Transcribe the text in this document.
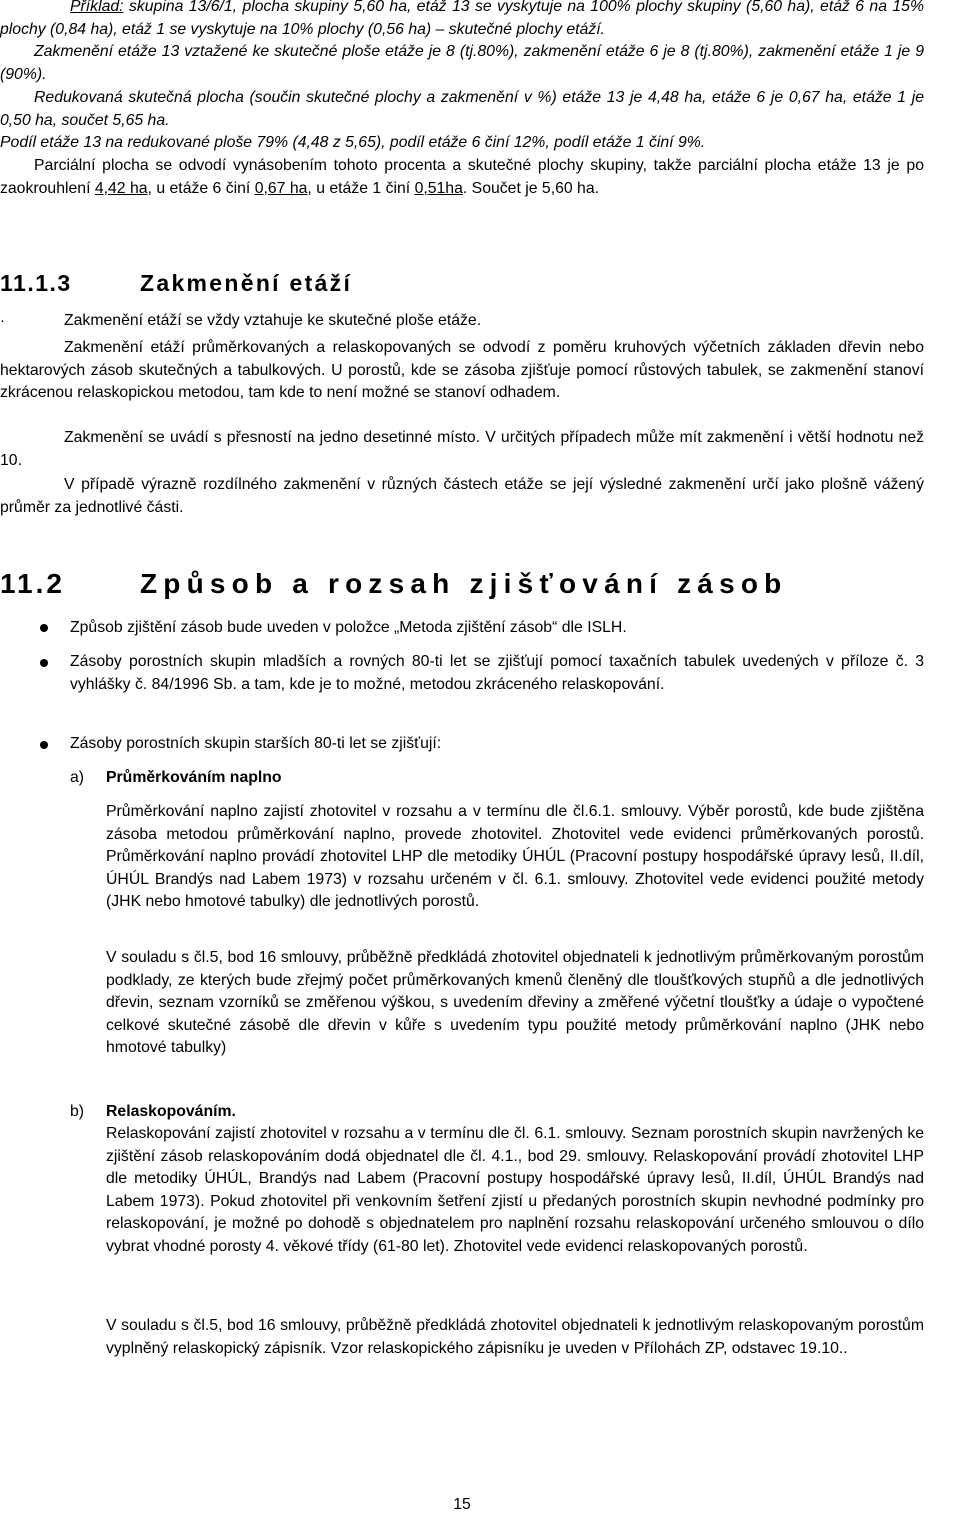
Příklad: skupina 13/6/1, plocha skupiny 5,60 ha, etáž 13 se vyskytuje na 100% plochy skupiny (5,60 ha), etáž 6 na 15% plochy (0,84 ha), etáž 1 se vyskytuje na 10% plochy (0,56 ha) – skutečné plochy etáží.
Zakmenění etáže 13 vztažené ke skutečné ploše etáže je 8 (tj.80%), zakmenění etáže 6 je 8 (tj.80%), zakmenění etáže 1 je 9 (90%).
Redukovaná skutečná plocha (součin skutečné plochy a zakmenění v %) etáže 13 je 4,48 ha, etáže 6 je 0,67 ha, etáže 1 je 0,50 ha, součet 5,65 ha.
Podíl etáže 13 na redukované ploše 79% (4,48 z 5,65), podíl etáže 6 činí 12%, podíl etáže 1 činí 9%.
Parciální plocha se odvodí vynásobením tohoto procenta a skutečné plochy skupiny, takže parciální plocha etáže 13 je po zaokrouhlení 4,42 ha, u etáže 6 činí 0,67 ha, u etáže 1 činí 0,51ha. Součet je 5,60 ha.
11.1.3	Zakmenění etáží
·	Zakmenění etáží se vždy vztahuje ke skutečné ploše etáže.
Zakmenění etáží průměrkovaných a relaskopovaných se odvodí z poměru kruhových výčetních základen dřevin nebo hektarových zásob skutečných a tabulkových. U porostů, kde se zásoba zjišťuje pomocí růstových tabulek, se zakmenění stanoví zkrácenou relaskopickou metodou, tam kde to není možné se stanoví odhadem.
Zakmenění se uvádí s přesností na jedno desetinné místo. V určitých případech může mít zakmenění i větší hodnotu než 10.
V případě výrazně rozdílného zakmenění v různých částech etáže se její výsledné zakmenění určí jako plošně vážený průměr za jednotlivé části.
11.2	Způsob a rozsah zjišťování zásob
Způsob zjištění zásob bude uveden v položce „Metoda zjištění zásob“ dle ISLH.
Zásoby porostních skupin mladších a rovných 80-ti let se zjišťují pomocí taxačních tabulek uvedených v příloze č. 3 vyhlášky č. 84/1996 Sb. a tam, kde je to možné, metodou zkráceného relaskopování.
Zásoby porostních skupin starších 80-ti let se zjišťují:
a) Průměrkováním naplno
Průměrkování naplno zajistí zhotovitel v rozsahu a v termínu dle čl.6.1. smlouvy. Výběr porostů, kde bude zjištěna zásoba metodou průměrkování naplno, provede zhotovitel. Zhotovitel vede evidenci průměrkovaných porostů. Průměrkování naplno provádí zhotovitel LHP dle metodiky ÚHÚL (Pracovní postupy hospodářské úpravy lesů, II.díl, ÚHÚL Brandýs nad Labem 1973) v rozsahu určeném v čl. 6.1. smlouvy. Zhotovitel vede evidenci použité metody (JHK nebo hmotové tabulky) dle jednotlivých porostů.
V souladu s čl.5, bod 16 smlouvy, průběžně předkládá zhotovitel objednateli k jednotlivým průměrkovaným porostům podklady, ze kterých bude zřejmý počet průměrkovaných kmenů členěný dle tloušťkových stupňů a dle jednotlivých dřevin, seznam vzorníků se změřenou výškou, s uvedením dřeviny a změřené výčetní tloušťky a údaje o vypočtené celkové skutečné zásobě dle dřevin v kůře s uvedením typu použité metody průměrkování naplno (JHK nebo hmotové tabulky)
b) Relaskopováním.
Relaskopování zajistí zhotovitel v rozsahu a v termínu dle čl. 6.1. smlouvy. Seznam porostních skupin navržených ke zjištění zásob relaskopováním dodá objednatel dle čl. 4.1., bod 29. smlouvy. Relaskopování provádí zhotovitel LHP dle metodiky ÚHÚL, Brandýs nad Labem (Pracovní postupy hospodářské úpravy lesů, II.díl, ÚHÚL Brandýs nad Labem 1973). Pokud zhotovitel při venkovním šetření zjistí u předaných porostních skupin nevhodné podmínky pro relaskopování, je možné po dohodě s objednatelem pro naplnění rozsahu relaskopování určeného smlouvou o dílo vybrat vhodné porosty 4. věkové třídy (61-80 let). Zhotovitel vede evidenci relaskopovaných porostů.
V souladu s čl.5, bod 16 smlouvy, průběžně předkládá zhotovitel objednateli k jednotlivým relaskopovaným porostům vyplněný relaskopický zápisník. Vzor relaskopického zápisníku je uveden v Přílohách ZP, odstavec 19.10..
15
